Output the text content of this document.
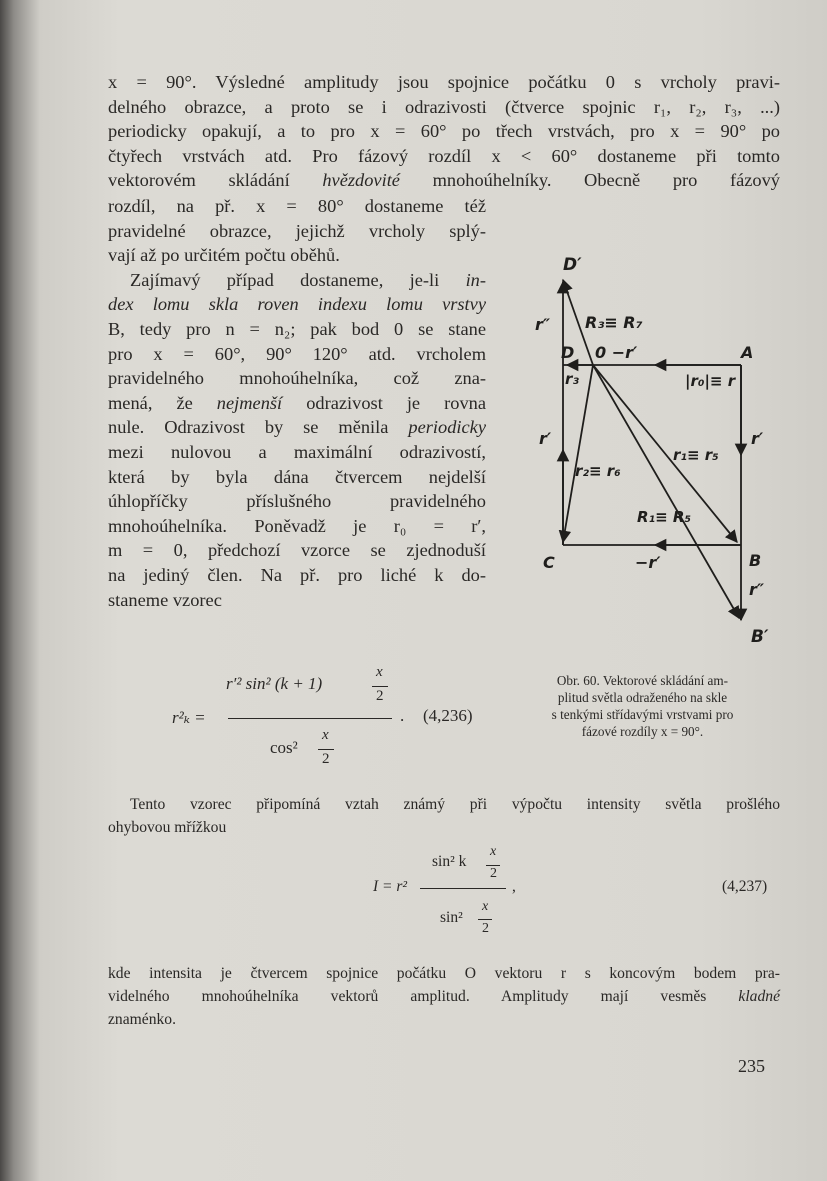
x = 90°. Výsledné amplitudy jsou spojnice počátku 0 s vrcholy pravi-

delného obrazce, a proto se i odrazivosti (čtverce spojnic r₁, r₂, r₃, ...)

periodicky opakují, a to pro x = 60° po třech vrstvách, pro x = 90° po

čtyřech vrstvách atd. Pro fázový rozdíl x < 60° dostaneme při tomto

vektorovém skládání hvězdovité mnohoúhelníky. Obecně pro fázový

rozdíl, na př. x = 80° dostaneme též

pravidelné obrazce, jejichž vrcholy splý-

vají až po určitém počtu oběhů.

Zajímavý případ dostaneme, je-li in-

dex lomu skla roven indexu lomu vrstvy

B, tedy pro n = n₂; pak bod 0 se stane

pro x = 60°, 90° 120° atd. vrcholem

pravidelného mnohoúhelníka, což zna-

mená, že nejmenší odrazivost je rovna

nule. Odrazivost by se měnila periodicky

mezi nulovou a maximální odrazivostí,

která by byla dána čtvercem nejdelší

úhlopříčky příslušného pravidelného

mnohoúhelníka. Poněvadž je r₀ = r′,

m = 0, předchozí vzorce se zjednoduší

na jediný člen. Na př. pro liché k do-

staneme vzorec

r²ₖ =
r′² sin² (k + 1)
x
2
cos²
x
2
. (4,236)
D′
r″ R₃≡ R₇
D 0 −r′	A
r₃	|r₀|≡ r
r′	r′
r₂≡ r₆
r₁≡ r₅
R₁≡ R₅
C	−r′	B
r″
B′
Obr. 60. Vektorové skládání am-
plitud světla odraženého na skle
s tenkými střídavými vrstvami pro
fázové rozdíly x = 90°.

Tento vzorec připomíná vztah známý při výpočtu intensity světla prošlého

ohybovou mřížkou

I = r²
sin² k
x
2
sin²
x
2
,	(4,237)

kde intensita je čtvercem spojnice počátku O vektoru r s koncovým bodem pra-

videlného mnohoúhelníka vektorů amplitud. Amplitudy mají vesměs kladné

znaménko.

235
